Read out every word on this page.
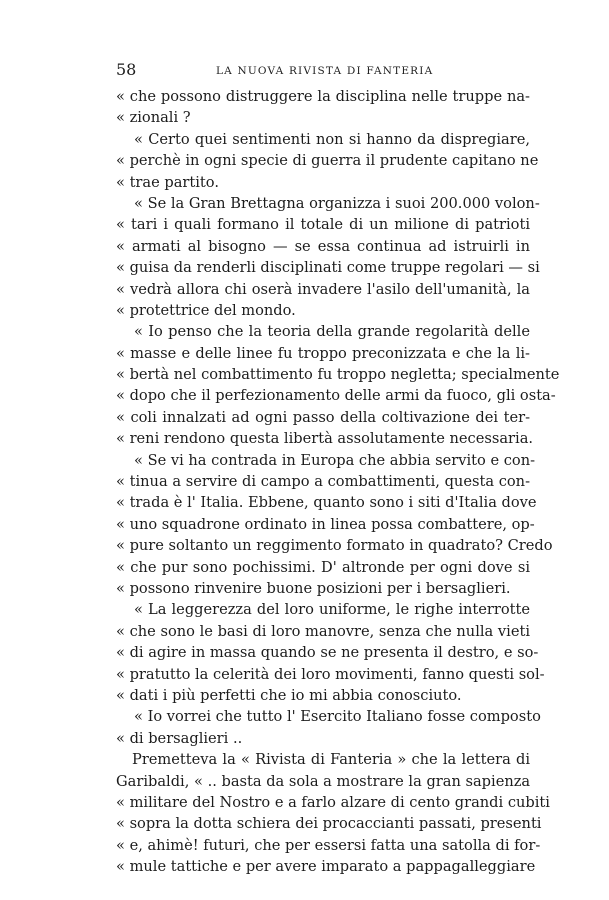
58	LA NUOVA RIVISTA DI FANTERIA
« che possono distruggere la disciplina nelle truppe na-
« zionali ?
« Certo quei sentimenti non si hanno da dispregiare,
« perchè in ogni specie di guerra il prudente capitano ne
« trae partito.
« Se la Gran Brettagna organizza i suoi 200.000 volon-
« tari i quali formano il totale di un milione di patrioti
« armati al bisogno — se essa continua ad istruirli in
« guisa da renderli disciplinati come truppe regolari — si
« vedrà allora chi oserà invadere l'asilo dell'umanità, la
« protettrice del mondo.
« Io penso che la teoria della grande regolarità delle
« masse e delle linee fu troppo preconizzata e che la li-
« bertà nel combattimento fu troppo negletta; specialmente
« dopo che il perfezionamento delle armi da fuoco, gli osta-
« coli innalzati ad ogni passo della coltivazione dei ter-
« reni rendono questa libertà assolutamente necessaria.
« Se vi ha contrada in Europa che abbia servito e con-
« tinua a servire di campo a combattimenti, questa con-
« trada è l' Italia. Ebbene, quanto sono i siti d'Italia dove
« uno squadrone ordinato in linea possa combattere, op-
« pure soltanto un reggimento formato in quadrato? Credo
« che pur sono pochissimi. D' altronde per ogni dove si
« possono rinvenire buone posizioni per i bersaglieri.
« La leggerezza del loro uniforme, le righe interrotte
« che sono le basi di loro manovre, senza che nulla vieti
« di agire in massa quando se ne presenta il destro, e so-
« pratutto la celerità dei loro movimenti, fanno questi sol-
« dati i più perfetti che io mi abbia conosciuto.
« Io vorrei che tutto l' Esercito Italiano fosse composto
« di bersaglieri ..
Premetteva la « Rivista di Fanteria » che la lettera di
Garibaldi, « .. basta da sola a mostrare la gran sapienza
« militare del Nostro e a farlo alzare di cento grandi cubiti
« sopra la dotta schiera dei procaccianti passati, presenti
« e, ahimè! futuri, che per essersi fatta una satolla di for-
« mule tattiche e per avere imparato a pappagalleggiare
